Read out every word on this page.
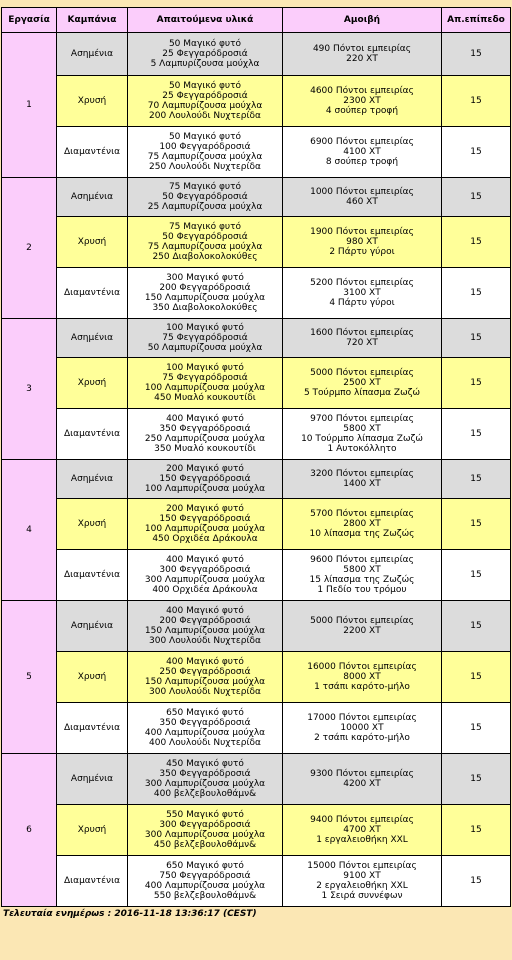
Εργασία	Καμπάνια	Απαιτούμενα υλικά	Αμοιβή	Απ.επίπεδο
1	Ασημένια	50 Μαγικό φυτό
25 Φεγγαρόδροσιά
5 Λαμπυρίζουσα μούχλα	490 Πόντοι εμπειρίας
220 ΧΤ	15
	Χρυσή	50 Μαγικό φυτό
25 Φεγγαρόδροσιά
70 Λαμπυρίζουσα μούχλα
200 Λουλούδι Νυχτερίδα	4600 Πόντοι εμπειρίας
2300 ΧΤ
4 σούπερ τροφή	15
	Διαμαντένια	50 Μαγικό φυτό
100 Φεγγαρόδροσιά
75 Λαμπυρίζουσα μούχλα
250 Λουλούδι Νυχτερίδα	6900 Πόντοι εμπειρίας
4100 ΧΤ
8 σούπερ τροφή	15
2	Ασημένια	75 Μαγικό φυτό
50 Φεγγαρόδροσιά
25 Λαμπυρίζουσα μούχλα	1000 Πόντοι εμπειρίας
460 ΧΤ	15
	Χρυσή	75 Μαγικό φυτό
50 Φεγγαρόδροσιά
75 Λαμπυρίζουσα μούχλα
250 Διαβολοκολοκύθες	1900 Πόντοι εμπειρίας
980 ΧΤ
2 Πάρτυ γύροι	15
	Διαμαντένια	300 Μαγικό φυτό
200 Φεγγαρόδροσιά
150 Λαμπυρίζουσα μούχλα
350 Διαβολοκολοκύθες	5200 Πόντοι εμπειρίας
3100 ΧΤ
4 Πάρτυ γύροι	15
3	Ασημένια	100 Μαγικό φυτό
75 Φεγγαρόδροσιά
50 Λαμπυρίζουσα μούχλα	1600 Πόντοι εμπειρίας
720 ΧΤ	15
	Χρυσή	100 Μαγικό φυτό
75 Φεγγαρόδροσιά
100 Λαμπυρίζουσα μούχλα
450 Μυαλό κουκουτίδι	5000 Πόντοι εμπειρίας
2500 ΧΤ
5 Τούρμπο λίπασμα Ζωζώ	15
	Διαμαντένια	400 Μαγικό φυτό
350 Φεγγαρόδροσιά
250 Λαμπυρίζουσα μούχλα
350 Μυαλό κουκουτίδι	9700 Πόντοι εμπειρίας
5800 ΧΤ
10 Τούρμπο λίπασμα Ζωζώ
1 Αυτοκόλλητο	15
4	Ασημένια	200 Μαγικό φυτό
150 Φεγγαρόδροσιά
100 Λαμπυρίζουσα μούχλα	3200 Πόντοι εμπειρίας
1400 ΧΤ	15
	Χρυσή	200 Μαγικό φυτό
150 Φεγγαρόδροσιά
100 Λαμπυρίζουσα μούχλα
450 Ορχιδέα Δράκουλα	5700 Πόντοι εμπειρίας
2800 ΧΤ
10 λίπασμα της Ζωζώς	15
	Διαμαντένια	400 Μαγικό φυτό
300 Φεγγαρόδροσιά
300 Λαμπυρίζουσα μούχλα
400 Ορχιδέα Δράκουλα	9600 Πόντοι εμπειρίας
5800 ΧΤ
15 λίπασμα της Ζωζώς
1 Πεδίο του τρόμου	15
5	Ασημένια	400 Μαγικό φυτό
200 Φεγγαρόδροσιά
150 Λαμπυρίζουσα μούχλα
300 Λουλούδι Νυχτερίδα	5000 Πόντοι εμπειρίας
2200 ΧΤ	15
	Χρυσή	400 Μαγικό φυτό
250 Φεγγαρόδροσιά
150 Λαμπυρίζουσα μούχλα
300 Λουλούδι Νυχτερίδα	16000 Πόντοι εμπειρίας
8000 ΧΤ
1 τσάπι καρότο-μήλο	15
	Διαμαντένια	650 Μαγικό φυτό
350 Φεγγαρόδροσιά
400 Λαμπυρίζουσα μούχλα
400 Λουλούδι Νυχτερίδα	17000 Πόντοι εμπειρίας
10000 ΧΤ
2 τσάπι καρότο-μήλο	15
6	Ασημένια	450 Μαγικό φυτό
350 Φεγγαρόδροσιά
300 Λαμπυρίζουσα μούχλα
400 βελζεβουλοθάμν&	9300 Πόντοι εμπειρίας
4200 ΧΤ	15
	Χρυσή	550 Μαγικό φυτό
300 Φεγγαρόδροσιά
300 Λαμπυρίζουσα μούχλα
450 βελζεβουλοθάμν&	9400 Πόντοι εμπειρίας
4700 ΧΤ
1 εργαλειοθήκη XXL	15
	Διαμαντένια	650 Μαγικό φυτό
750 Φεγγαρόδροσιά
400 Λαμπυρίζουσα μούχλα
550 βελζεβουλοθάμν&	15000 Πόντοι εμπειρίας
9100 ΧΤ
2 εργαλειοθήκη XXL
1 Σειρά συννέφων	15
Τελευταία ενημέρωѕ : 2016-11-18 13:36:17 (CEST)
